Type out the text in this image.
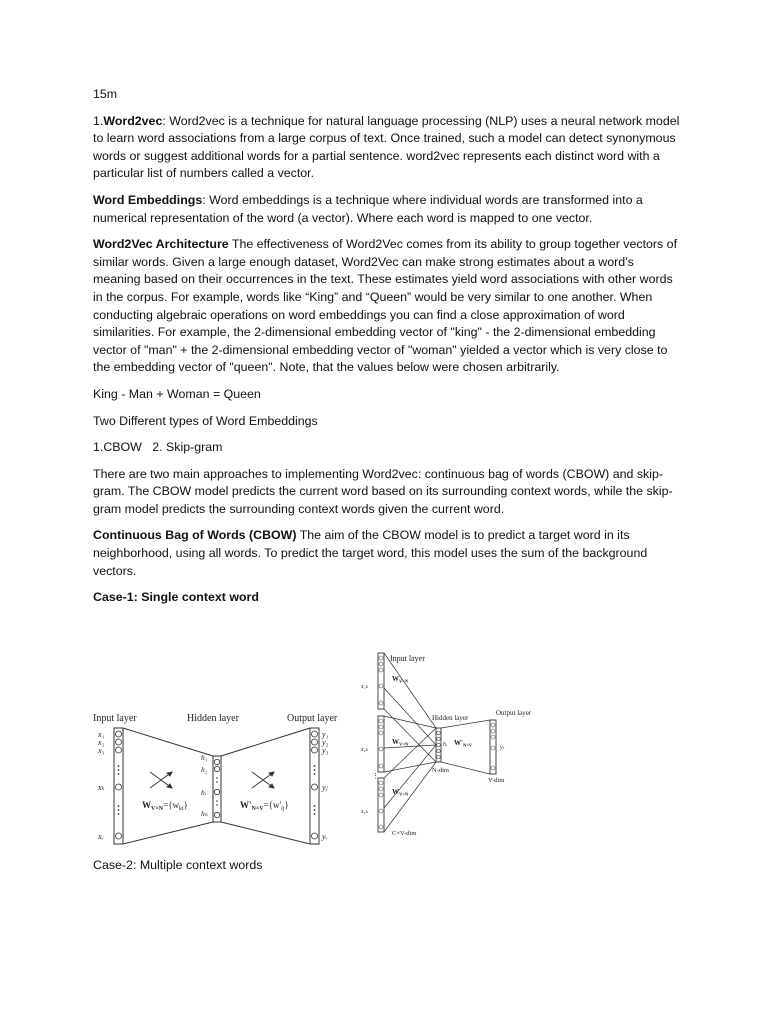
15m

1.Word2vec: Word2vec is a technique for natural language processing (NLP) uses a neural network model to learn word associations from a large corpus of text. Once trained, such a model can detect synonymous words or suggest additional words for a partial sentence. word2vec represents each distinct word with a particular list of numbers called a vector.

Word Embeddings: Word embeddings is a technique where individual words are transformed into a numerical representation of the word (a vector). Where each word is mapped to one vector.

Word2Vec Architecture The effectiveness of Word2Vec comes from its ability to group together vectors of similar words. Given a large enough dataset, Word2Vec can make strong estimates about a word’s meaning based on their occurrences in the text. These estimates yield word associations with other words in the corpus. For example, words like “King” and “Queen” would be very similar to one another. When conducting algebraic operations on word embeddings you can find a close approximation of word similarities. For example, the 2-dimensional embedding vector of "king" - the 2-dimensional embedding vector of "man" + the 2-dimensional embedding vector of "woman" yielded a vector which is very close to the embedding vector of "queen". Note, that the values below were chosen arbitrarily.

King - Man + Woman = Queen

Two Different types of Word Embeddings

1.CBOW   2. Skip-gram

There are two main approaches to implementing Word2vec: continuous bag of words (CBOW) and skip-gram. The CBOW model predicts the current word based on its surrounding context words, while the skip-gram model predicts the surrounding context words given the current word.

Continuous Bag of Words (CBOW) The aim of the CBOW model is to predict a target word in its neighborhood, using all words. To predict the target word, this model uses the sum of the background vectors.

Case-1: Single context word

Input layer	Hidden layer	Output layer
x₁
x₂
x₃
xₖ
xᵥ
h₁
h₂
hᵢ
hₙ
y₁
y₂
y₃
yⱼ
yᵥ
$W_{V\times N}=\{w_{ki}\}$	$W'_{N\times V}=\{w'_{ij}\}$
Input layer
Hidden layer
Output layer
x₁ₖ
x₂ₖ
x꜀ₖ
⋮
$W_{V\times N}$
$W_{V\times N}$
$W_{V\times N}$
hᵢ
N-dim
$W'_{N\times V}$	yⱼ
V-dim
C×V-dim
Case-2: Multiple context words
